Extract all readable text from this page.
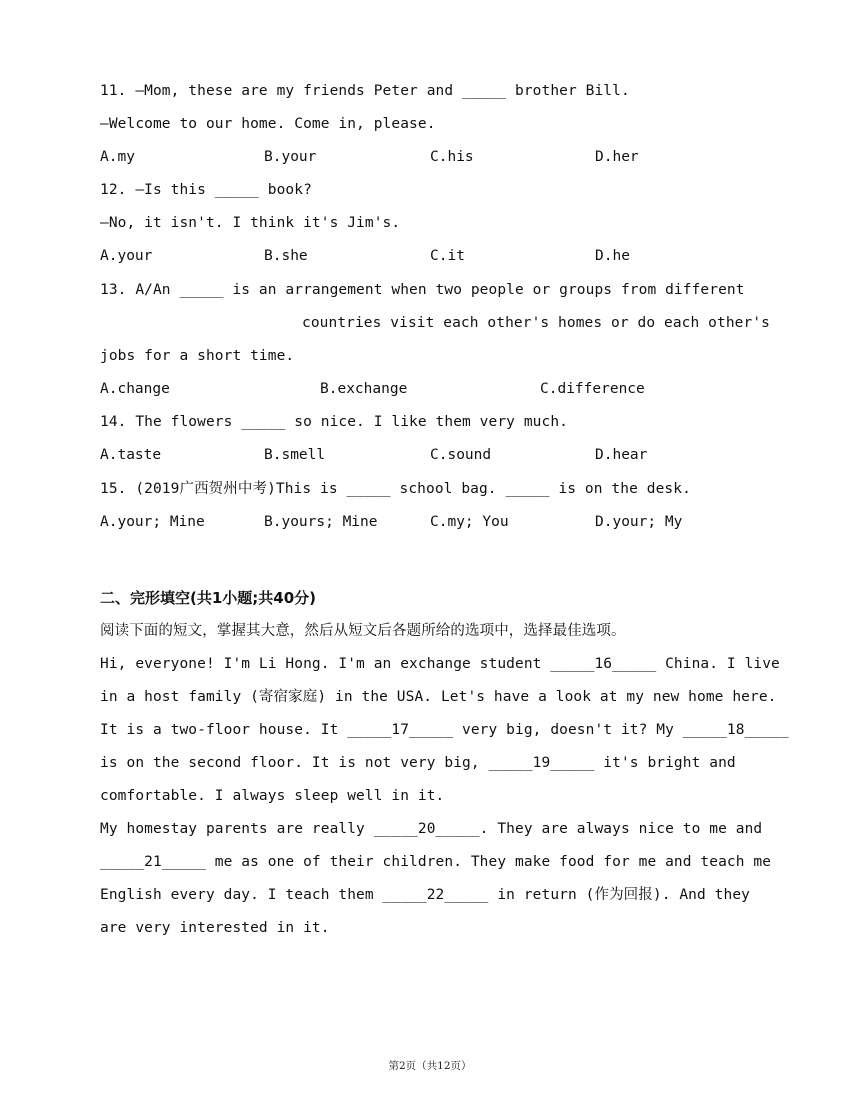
11. —Mom, these are my friends Peter and _____ brother Bill.
—Welcome to our home. Come in, please.
A.my	B.your	C.his	D.her
12. —Is this _____ book?
—No, it isn't. I think it's Jim's.
A.your	B.she	C.it	D.he
13. A/An _____ is an arrangement when two people or groups from different
countries visit each other's homes or do each other's
jobs for a short time.
A.change	B.exchange	C.difference
14. The flowers _____ so nice. I like them very much.
A.taste	B.smell	C.sound	D.hear
15. (2019广西贺州中考)This is _____ school bag. _____ is on the desk.
A.your; Mine	B.yours; Mine	C.my; You	D.your; My
二、完形填空(共1小题;共40分)
阅读下面的短文，掌握其大意，然后从短文后各题所给的选项中，选择最佳选项。
Hi, everyone! I'm Li Hong. I'm an exchange student _____16_____ China. I live
in a host family (寄宿家庭) in the USA. Let's have a look at my new home here.
It is a two-floor house. It _____17_____ very big, doesn't it? My _____18_____
is on the second floor. It is not very big, _____19_____ it's bright and
comfortable. I always sleep well in it.
My homestay parents are really _____20_____. They are always nice to me and
_____21_____ me as one of their children. They make food for me and teach me
English every day. I teach them _____22_____ in return (作为回报). And they
are very interested in it.
第2页（共12页）
